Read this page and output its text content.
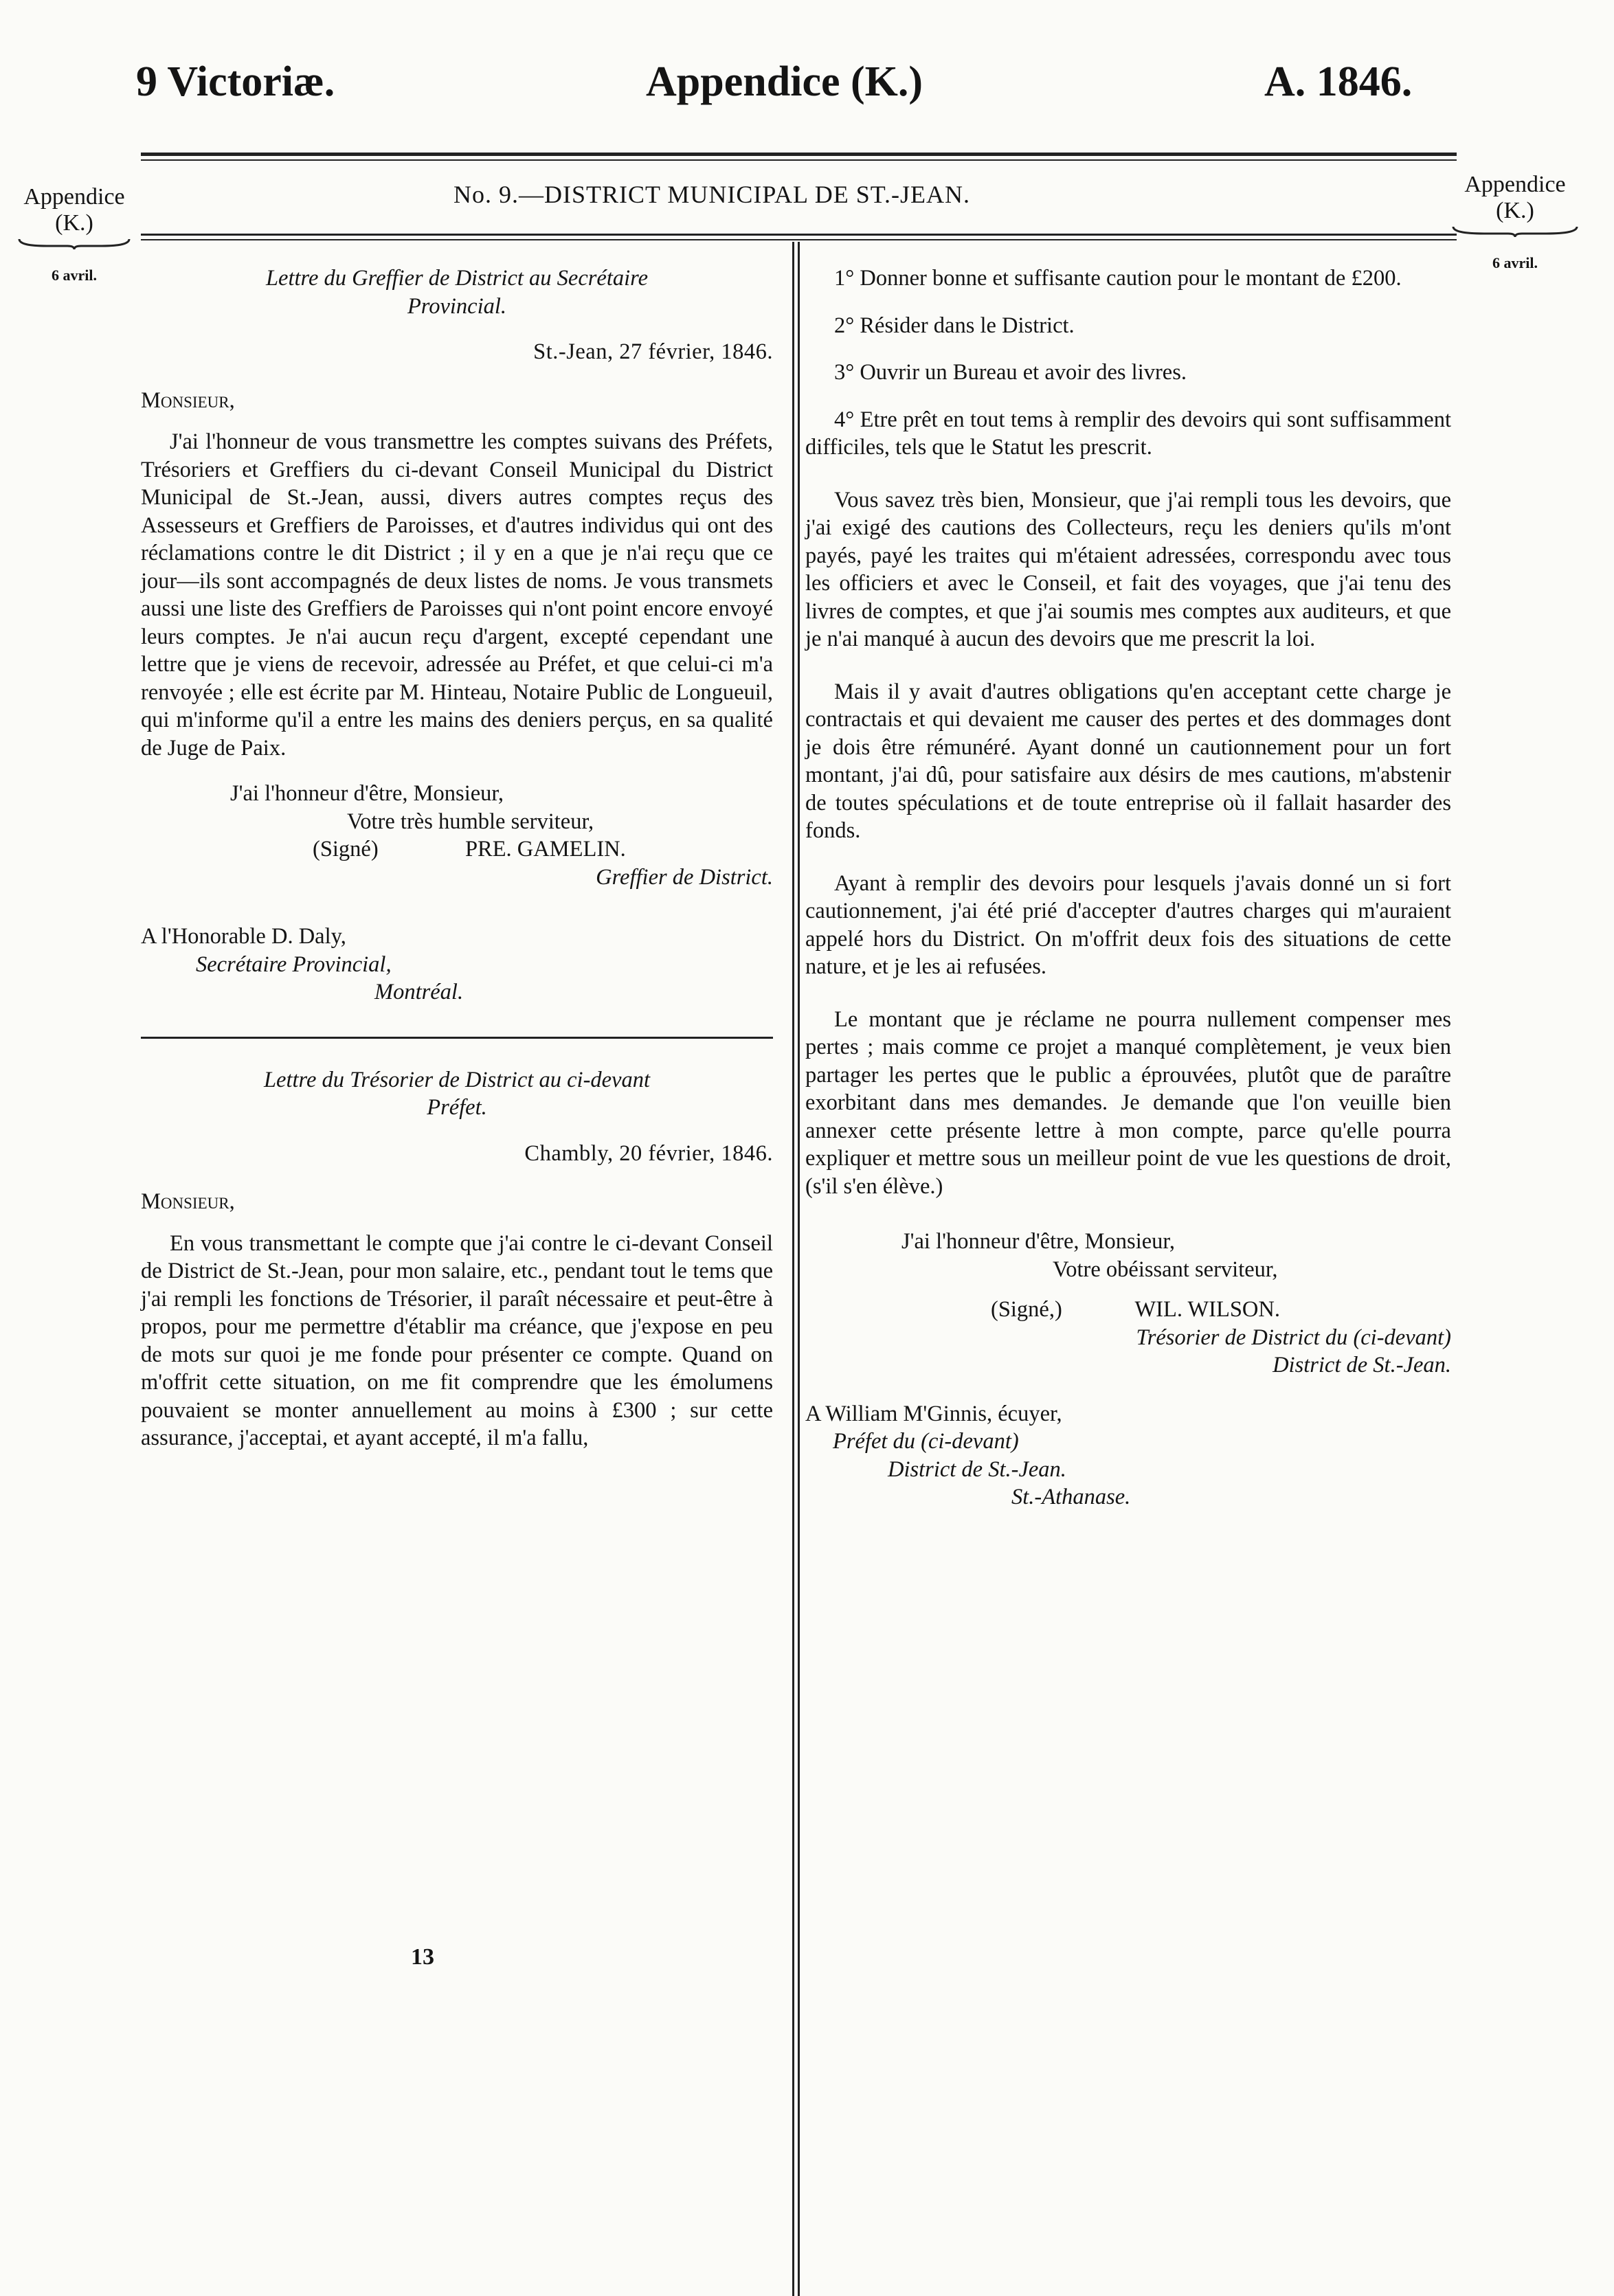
9 Victoriæ.	Appendice (K.)	A. 1846.
Appendice
(K.)
6 avril.
Appendice
(K.)
6 avril.
No. 9.—DISTRICT MUNICIPAL DE ST.-JEAN.

Lettre du Greffier de District au Secrétaire
Provincial.

St.-Jean, 27 février, 1846.

Monsieur,

J'ai l'honneur de vous transmettre les comptes suivans des Préfets, Trésoriers et Greffiers du ci-devant Conseil Municipal du District Municipal de St.-Jean, aussi, divers autres comptes reçus des Assesseurs et Greffiers de Paroisses, et d'autres individus qui ont des réclamations contre le dit District ; il y en a que je n'ai reçu que ce jour—ils sont accompagnés de deux listes de noms. Je vous transmets aussi une liste des Greffiers de Paroisses qui n'ont point encore envoyé leurs comptes. Je n'ai aucun reçu d'argent, excepté cependant une lettre que je viens de recevoir, adressée au Préfet, et que celui-ci m'a renvoyée ; elle est écrite par M. Hinteau, Notaire Public de Longueuil, qui m'informe qu'il a entre les mains des deniers perçus, en sa qualité de Juge de Paix.

J'ai l'honneur d'être, Monsieur,

Votre très humble serviteur,

(Signé)	PRE. GAMELIN.

Greffier de District.

A l'Honorable D. Daly,

Secrétaire Provincial,

Montréal.

Lettre du Trésorier de District au ci-devant
Préfet.

Chambly, 20 février, 1846.

Monsieur,

En vous transmettant le compte que j'ai contre le ci-devant Conseil de District de St.-Jean, pour mon salaire, etc., pendant tout le tems que j'ai rempli les fonctions de Trésorier, il paraît nécessaire et peut-être à propos, pour me permettre d'établir ma créance, que j'expose en peu de mots sur quoi je me fonde pour présenter ce compte. Quand on m'offrit cette situation, on me fit comprendre que les émolumens pouvaient se monter annuellement au moins à £300 ; sur cette assurance, j'acceptai, et ayant accepté, il m'a fallu,

1° Donner bonne et suffisante caution pour le montant de £200.

2° Résider dans le District.

3° Ouvrir un Bureau et avoir des livres.

4° Etre prêt en tout tems à remplir des devoirs qui sont suffisamment difficiles, tels que le Statut les prescrit.

Vous savez très bien, Monsieur, que j'ai rempli tous les devoirs, que j'ai exigé des cautions des Collecteurs, reçu les deniers qu'ils m'ont payés, payé les traites qui m'étaient adressées, correspondu avec tous les officiers et avec le Conseil, et fait des voyages, que j'ai tenu des livres de comptes, et que j'ai soumis mes comptes aux auditeurs, et que je n'ai manqué à aucun des devoirs que me prescrit la loi.

Mais il y avait d'autres obligations qu'en acceptant cette charge je contractais et qui devaient me causer des pertes et des dommages dont je dois être rémunéré. Ayant donné un cautionnement pour un fort montant, j'ai dû, pour satisfaire aux désirs de mes cautions, m'abstenir de toutes spéculations et de toute entreprise où il fallait hasarder des fonds.

Ayant à remplir des devoirs pour lesquels j'avais donné un si fort cautionnement, j'ai été prié d'accepter d'autres charges qui m'auraient appelé hors du District. On m'offrit deux fois des situations de cette nature, et je les ai refusées.

Le montant que je réclame ne pourra nullement compenser mes pertes ; mais comme ce projet a manqué complètement, je veux bien partager les pertes que le public a éprouvées, plutôt que de paraître exorbitant dans mes demandes. Je demande que l'on veuille bien annexer cette présente lettre à mon compte, parce qu'elle pourra expliquer et mettre sous un meilleur point de vue les questions de droit, (s'il s'en élève.)

J'ai l'honneur d'être, Monsieur,

Votre obéissant serviteur,

(Signé,)	WIL. WILSON.

Trésorier de District du (ci-devant)

District de St.-Jean.

A William M'Ginnis, écuyer,

Préfet du (ci-devant)

District de St.-Jean.

St.-Athanase.

13
